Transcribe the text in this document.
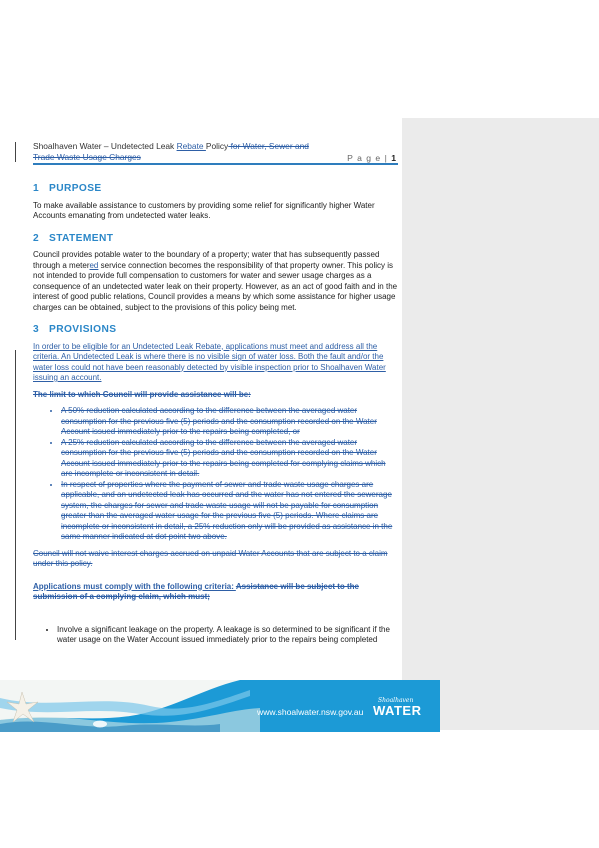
Shoalhaven Water – Undetected Leak Rebate Policy for Water, Sewer and
Trade Waste Usage Charges	P a g e | 1
1 PURPOSE
To make available assistance to customers by providing some relief for significantly higher Water Accounts emanating from undetected water leaks.
2 STATEMENT
Council provides potable water to the boundary of a property; water that has subsequently passed through a metered service connection becomes the responsibility of that property owner. This policy is not intended to provide full compensation to customers for water and sewer usage charges as a consequence of an undetected water leak on their property. However, as an act of good faith and in the interest of good public relations, Council provides a means by which some assistance for higher usage charges can be obtained, subject to the provisions of this policy being met.
3 PROVISIONS
In order to be eligible for an Undetected Leak Rebate, applications must meet and address all the criteria. An Undetected Leak is where there is no visible sign of water loss. Both the fault and/or the water loss could not have been reasonably detected by visible inspection prior to Shoalhaven Water issuing an account.
The limit to which Council will provide assistance will be:
• A 50% reduction calculated according to the difference between the averaged water consumption for the previous five (5) periods and the consumption recorded on the Water Account issued immediately prior to the repairs being completed, or
• A 25% reduction calculated according to the difference between the averaged water consumption for the previous five (5) periods and the consumption recorded on the Water Account issued immediately prior to the repairs being completed for complying claims which are incomplete or inconsistent in detail.
• In respect of properties where the payment of sewer and trade waste usage charges are applicable, and an undetected leak has occurred and the water has not entered the sewerage system, the charges for sewer and trade waste usage will not be payable for consumption greater than the averaged water usage for the previous five (5) periods. Where claims are incomplete or inconsistent in detail, a 25% reduction only will be provided as assistance in the same manner indicated at dot point two above.
Council will not waive interest charges accrued on unpaid Water Accounts that are subject to a claim under this policy.
Applications must comply with the following criteria: Assistance will be subject to the submission of a complying claim, which must;
• Involve a significant leakage on the property. A leakage is so determined to be significant if the water usage on the Water Account issued immediately prior to the repairs being completed
www.shoalwater.nsw.gov.au
Shoalhaven
WATER
